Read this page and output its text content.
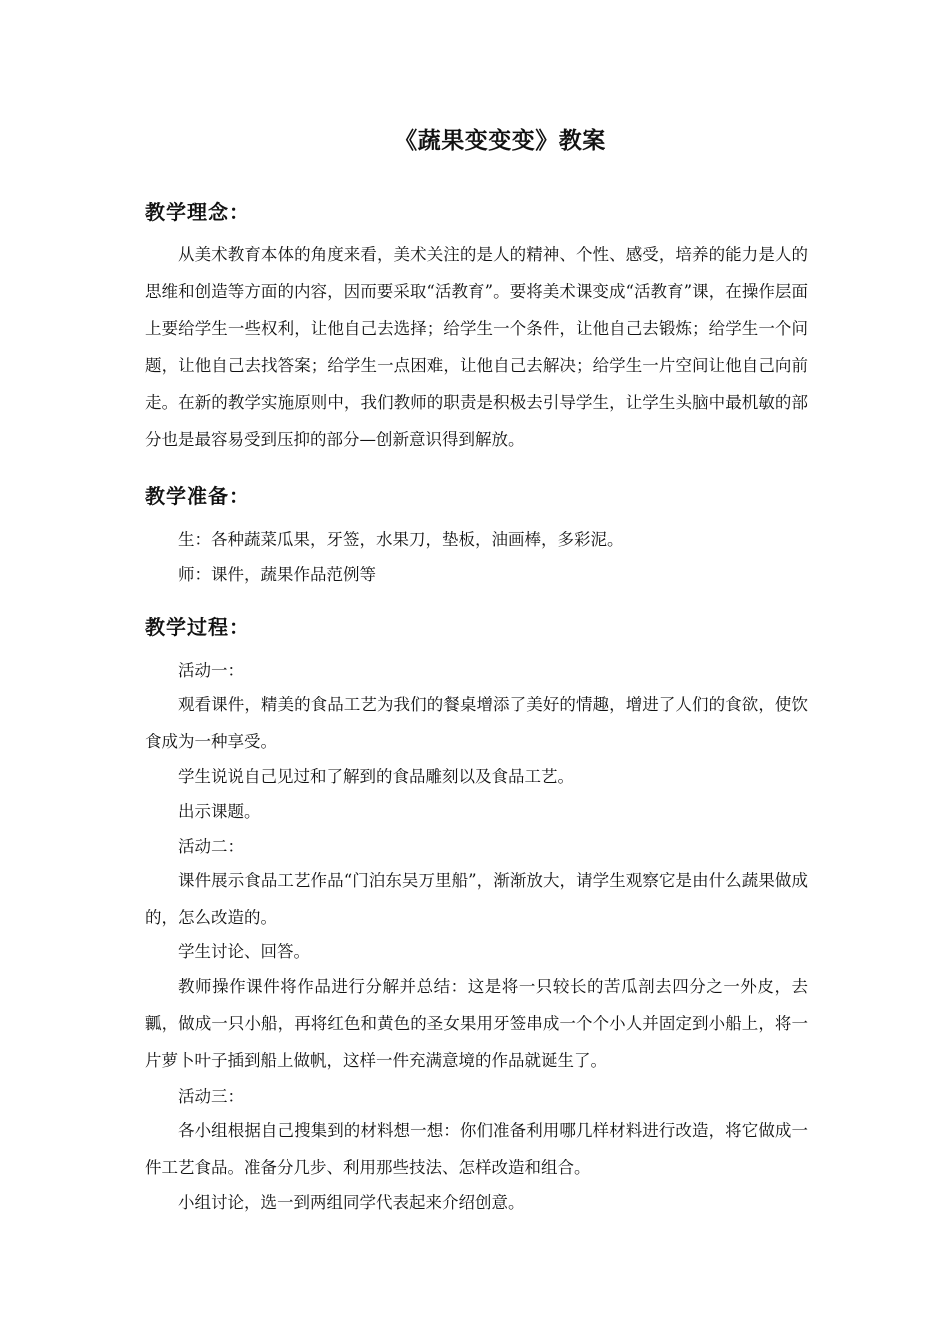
《蔬果变变变》教案
教学理念：

从美术教育本体的角度来看，美术关注的是人的精神、个性、感受，培养的能力是人的思维和创造等方面的内容，因而要采取“活教育”。要将美术课变成“活教育”课，在操作层面上要给学生一些权利，让他自己去选择；给学生一个条件，让他自己去锻炼；给学生一个问题，让他自己去找答案；给学生一点困难，让他自己去解决；给学生一片空间让他自己向前走。在新的教学实施原则中，我们教师的职责是积极去引导学生，让学生头脑中最机敏的部分也是最容易受到压抑的部分—创新意识得到解放。

教学准备：

生：各种蔬菜瓜果，牙签，水果刀，垫板，油画棒，多彩泥。

师：课件，蔬果作品范例等

教学过程：

活动一：

观看课件，精美的食品工艺为我们的餐桌增添了美好的情趣，增进了人们的食欲，使饮食成为一种享受。

学生说说自己见过和了解到的食品雕刻以及食品工艺。

出示课题。

活动二：

课件展示食品工艺作品“门泊东吴万里船”，渐渐放大，请学生观察它是由什么蔬果做成的，怎么改造的。

学生讨论、回答。

教师操作课件将作品进行分解并总结：这是将一只较长的苦瓜剖去四分之一外皮，去瓤，做成一只小船，再将红色和黄色的圣女果用牙签串成一个个小人并固定到小船上，将一片萝卜叶子插到船上做帆，这样一件充满意境的作品就诞生了。

活动三：

各小组根据自己搜集到的材料想一想：你们准备利用哪几样材料进行改造，将它做成一件工艺食品。准备分几步、利用那些技法、怎样改造和组合。

小组讨论，选一到两组同学代表起来介绍创意。
